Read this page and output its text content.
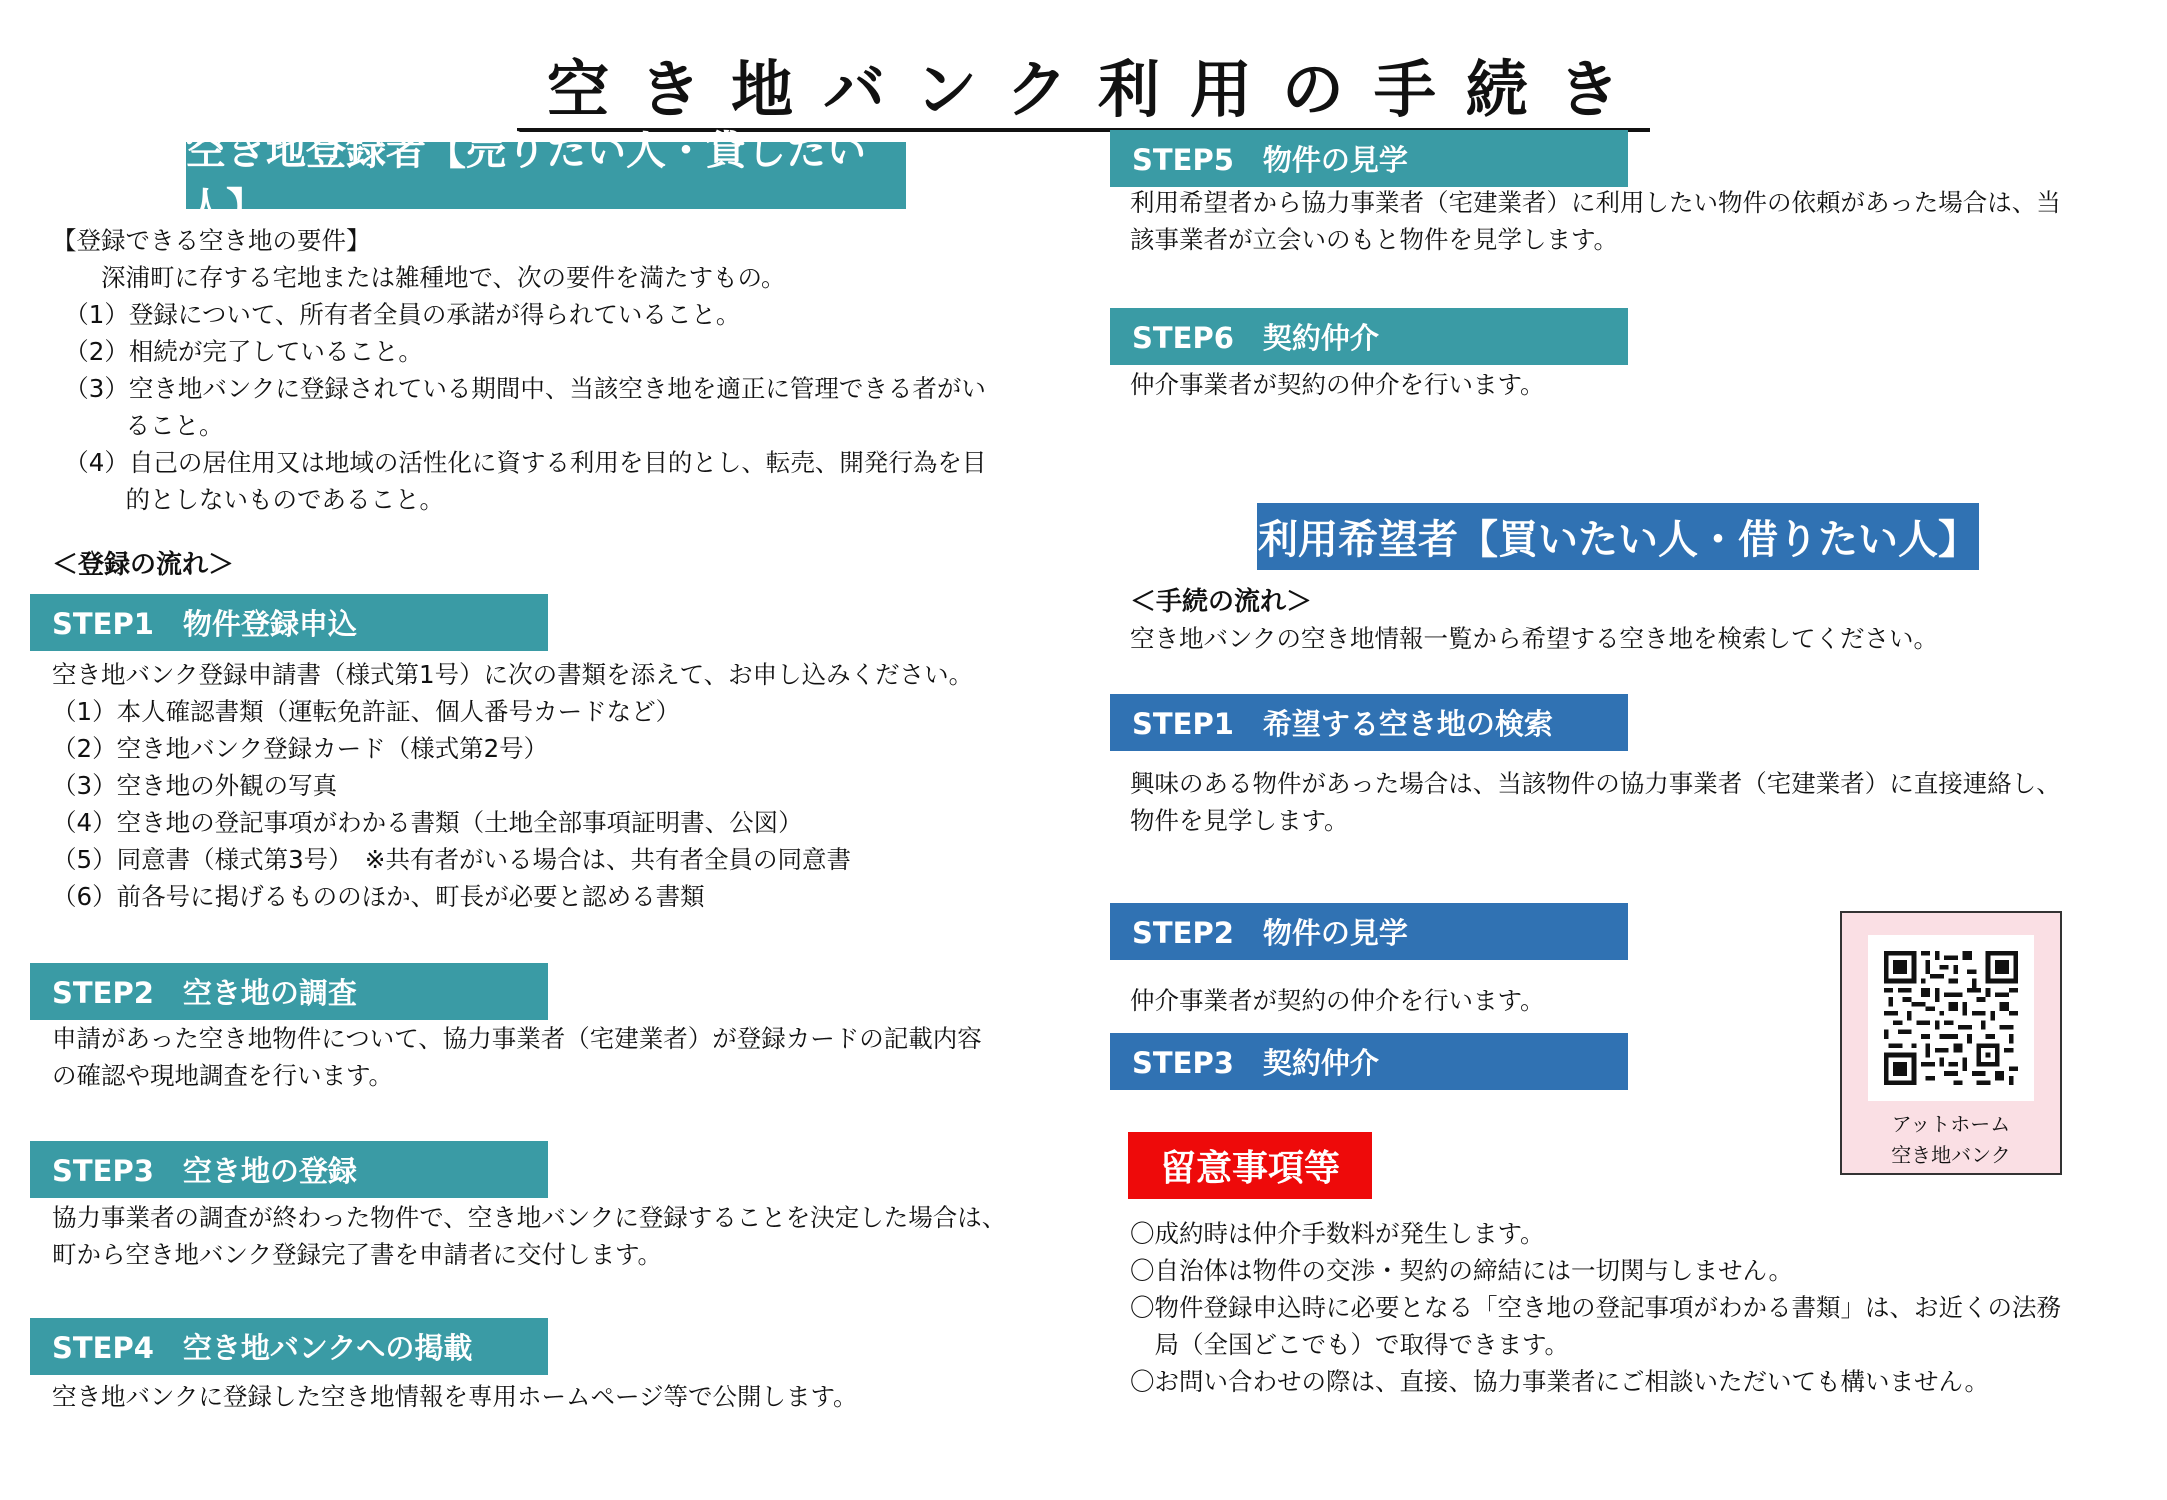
空き地バンク利用の手続き
空き地登録者【売りたい人・貸したい人】
【登録できる空き地の要件】
　　深浦町に存する宅地または雑種地で、次の要件を満たすもの。
　（1）登録について、所有者全員の承諾が得られていること。
　（2）相続が完了していること。
　（3）空き地バンクに登録されている期間中、当該空き地を適正に管理できる者がい
　　　ること。
　（4）自己の居住用又は地域の活性化に資する利用を目的とし、転売、開発行為を目
　　　的としないものであること。
＜登録の流れ＞
STEP1　物件登録申込
空き地バンク登録申請書（様式第1号）に次の書類を添えて、お申し込みください。
（1）本人確認書類（運転免許証、個人番号カードなど）
（2）空き地バンク登録カード（様式第2号）
（3）空き地の外観の写真
（4）空き地の登記事項がわかる書類（土地全部事項証明書、公図）
（5）同意書（様式第3号）　※共有者がいる場合は、共有者全員の同意書
（6）前各号に掲げるもののほか、町長が必要と認める書類
STEP2　空き地の調査
申請があった空き地物件について、協力事業者（宅建業者）が登録カードの記載内容
の確認や現地調査を行います。
STEP3　空き地の登録
協力事業者の調査が終わった物件で、空き地バンクに登録することを決定した場合は、
町から空き地バンク登録完了書を申請者に交付します。
STEP4　空き地バンクへの掲載
空き地バンクに登録した空き地情報を専用ホームページ等で公開します。
STEP5　物件の見学
利用希望者から協力事業者（宅建業者）に利用したい物件の依頼があった場合は、当
該事業者が立会いのもと物件を見学します。
STEP6　契約仲介
仲介事業者が契約の仲介を行います。
利用希望者【買いたい人・借りたい人】
＜手続の流れ＞
空き地バンクの空き地情報一覧から希望する空き地を検索してください。
STEP1　希望する空き地の検索
興味のある物件があった場合は、当該物件の協力事業者（宅建業者）に直接連絡し、
物件を見学します。
STEP2　物件の見学
仲介事業者が契約の仲介を行います。
STEP3　契約仲介
アットホーム
空き地バンク
留意事項等
〇成約時は仲介手数料が発生します。
〇自治体は物件の交渉・契約の締結には一切関与しません。
〇物件登録申込時に必要となる「空き地の登記事項がわかる書類」は、お近くの法務
　局（全国どこでも）で取得できます。
〇お問い合わせの際は、直接、協力事業者にご相談いただいても構いません。
